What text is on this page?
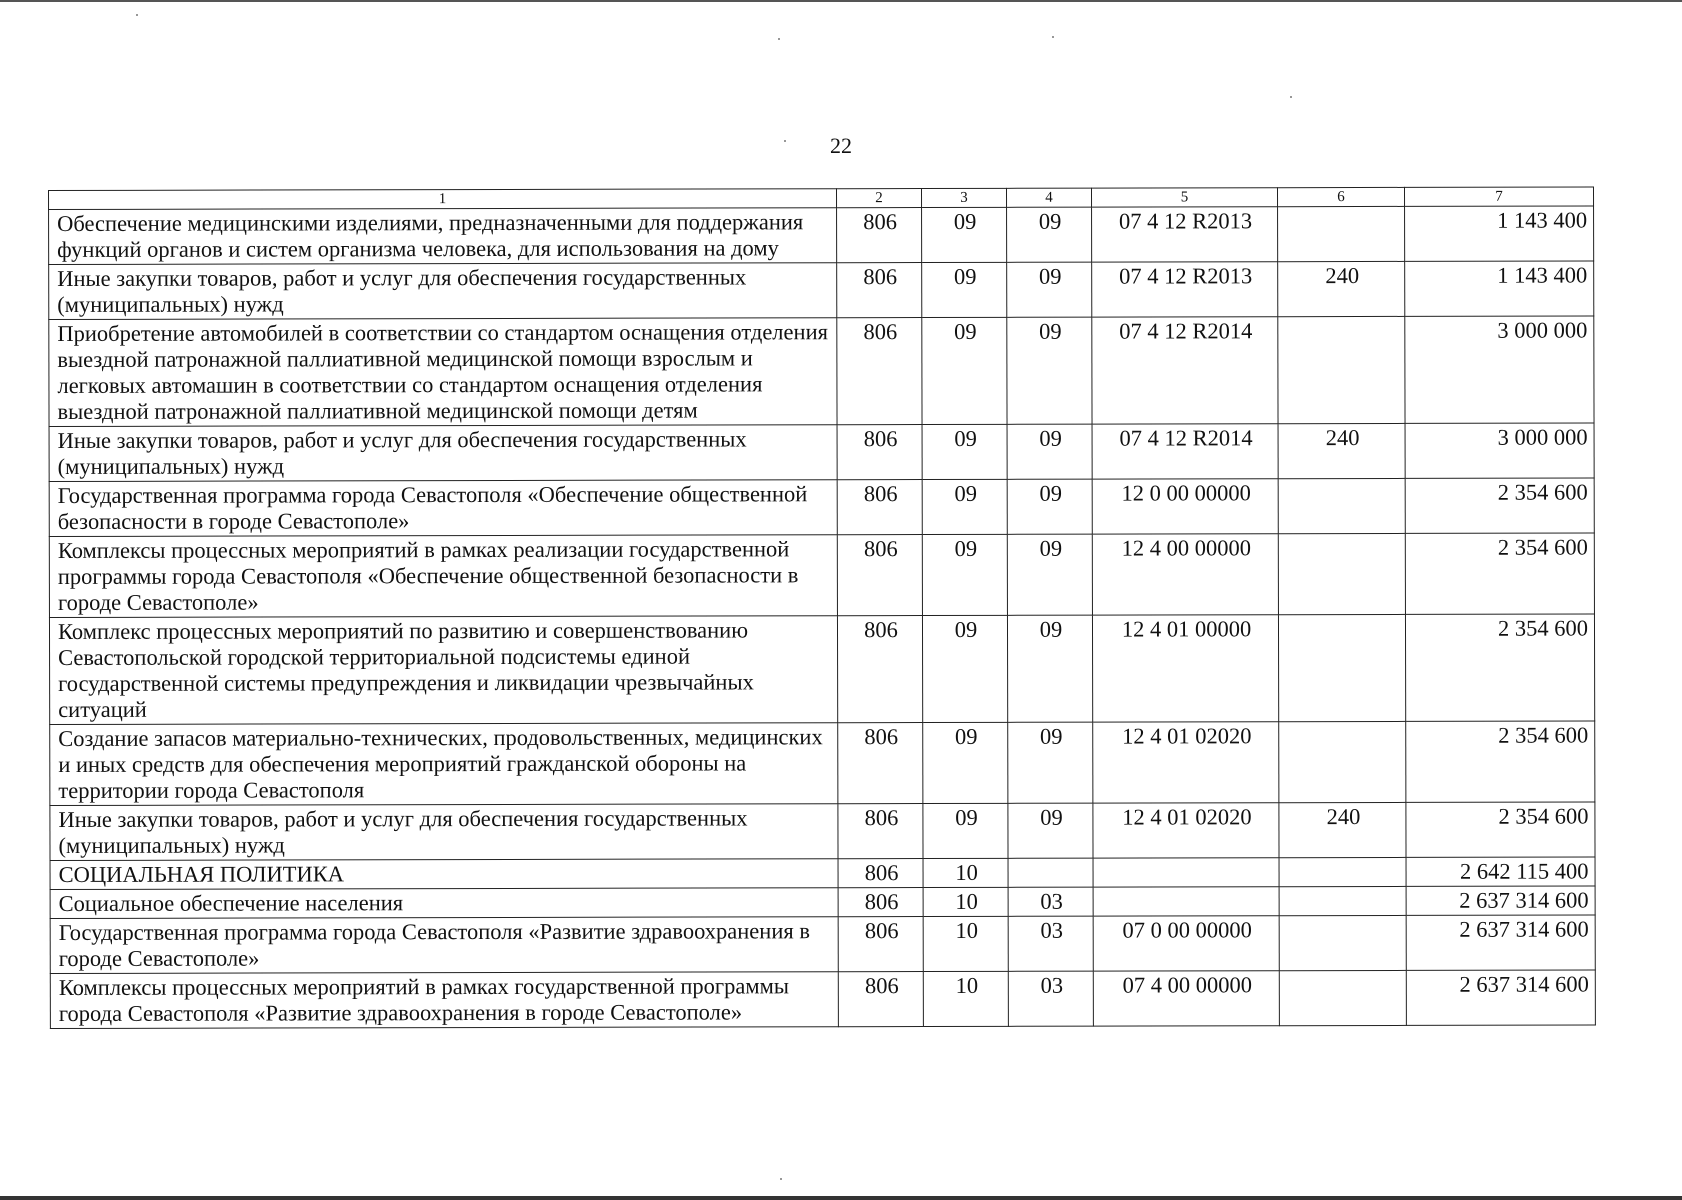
22
1	2	3	4	5	6	7
Обеспечение медицинскими изделиями, предназначенными для поддержания функций органов и систем организма человека, для использования на дому	806	09	09	07 4 12 R2013		1 143 400
Иные закупки товаров, работ и услуг для обеспечения государственных (муниципальных) нужд	806	09	09	07 4 12 R2013	240	1 143 400
Приобретение автомобилей в соответствии со стандартом оснащения отделения выездной патронажной паллиативной медицинской помощи взрослым и легковых автомашин в соответствии со стандартом оснащения отделения выездной патронажной паллиативной медицинской помощи детям	806	09	09	07 4 12 R2014		3 000 000
Иные закупки товаров, работ и услуг для обеспечения государственных (муниципальных) нужд	806	09	09	07 4 12 R2014	240	3 000 000
Государственная программа города Севастополя «Обеспечение общественной безопасности в городе Севастополе»	806	09	09	12 0 00 00000		2 354 600
Комплексы процессных мероприятий в рамках реализации государственной программы города Севастополя «Обеспечение общественной безопасности в городе Севастополе»	806	09	09	12 4 00 00000		2 354 600
Комплекс процессных мероприятий по развитию и совершенствованию Севастопольской городской территориальной подсистемы единой государственной системы предупреждения и ликвидации чрезвычайных ситуаций	806	09	09	12 4 01 00000		2 354 600
Создание запасов материально-технических, продовольственных, медицинских и иных средств для обеспечения мероприятий гражданской обороны на территории города Севастополя	806	09	09	12 4 01 02020		2 354 600
Иные закупки товаров, работ и услуг для обеспечения государственных (муниципальных) нужд	806	09	09	12 4 01 02020	240	2 354 600
СОЦИАЛЬНАЯ ПОЛИТИКА	806	10				2 642 115 400
Социальное обеспечение населения	806	10	03			2 637 314 600
Государственная программа города Севастополя «Развитие здравоохранения в городе Севастополе»	806	10	03	07 0 00 00000		2 637 314 600
Комплексы процессных мероприятий в рамках государственной программы города Севастополя «Развитие здравоохранения в городе Севастополе»	806	10	03	07 4 00 00000		2 637 314 600
